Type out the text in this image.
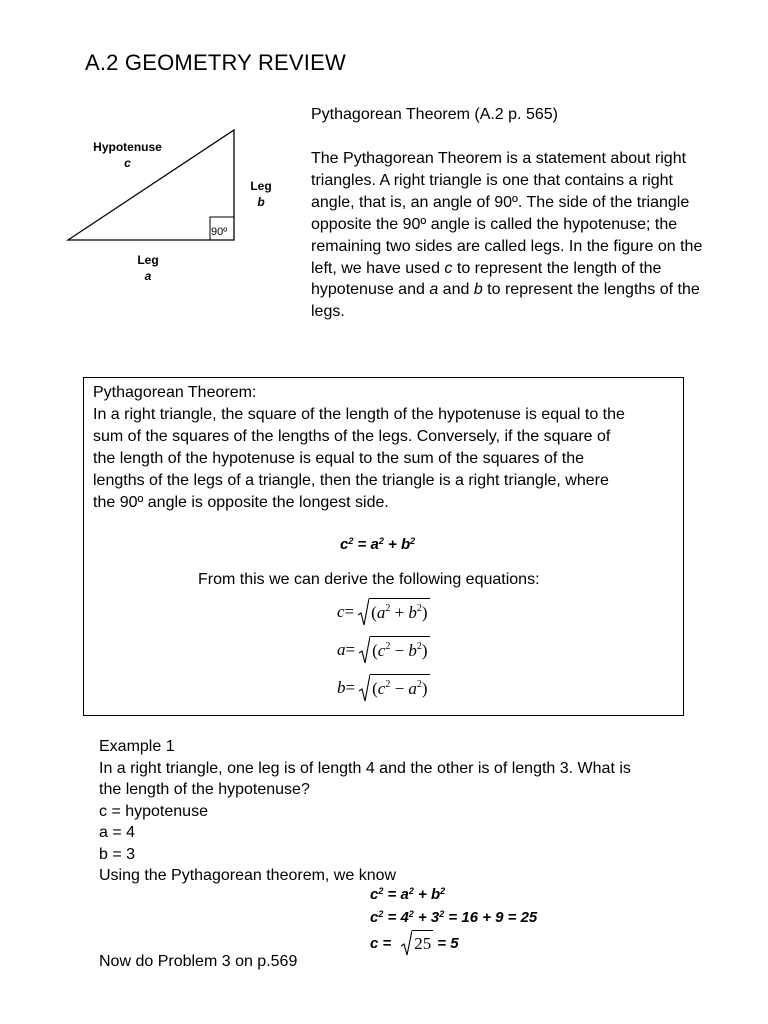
A.2 GEOMETRY REVIEW
Pythagorean Theorem (A.2 p. 565)
90º
Hypotenuse
c
Leg
b
Leg
a
The Pythagorean Theorem is a statement about right triangles. A right triangle is one that contains a right angle, that is, an angle of 90º. The side of the triangle opposite the 90º angle is called the hypotenuse; the remaining two sides are called legs. In the figure on the left, we have used c to represent the length of the hypotenuse and a and b to represent the lengths of the legs.
Pythagorean Theorem:
In a right triangle, the square of the length of the hypotenuse is equal to the
sum of the squares of the lengths of the legs. Conversely, if the square of
the length of the hypotenuse is equal to the sum of the squares of the
lengths of the legs of a triangle, then the triangle is a right triangle, where
the 90º angle is opposite the longest side.
$c^2 = a^2 + b^2$
From this we can derive the following equations:
$c = (a^2 + b^2)$
$a = (c^2 - b^2)$
$b = (c^2 - a^2)$
Example 1
In a right triangle, one leg is of length 4 and the other is of length 3. What is
the length of the hypotenuse?
c = hypotenuse
a = 4
b = 3
Using the Pythagorean theorem, we know
$c^2 = a^2 + b^2$
$c^2 = 4^2 + 3^2 = 16 + 9 = 25$
c = 25 = 5
Now do Problem 3 on p.569
